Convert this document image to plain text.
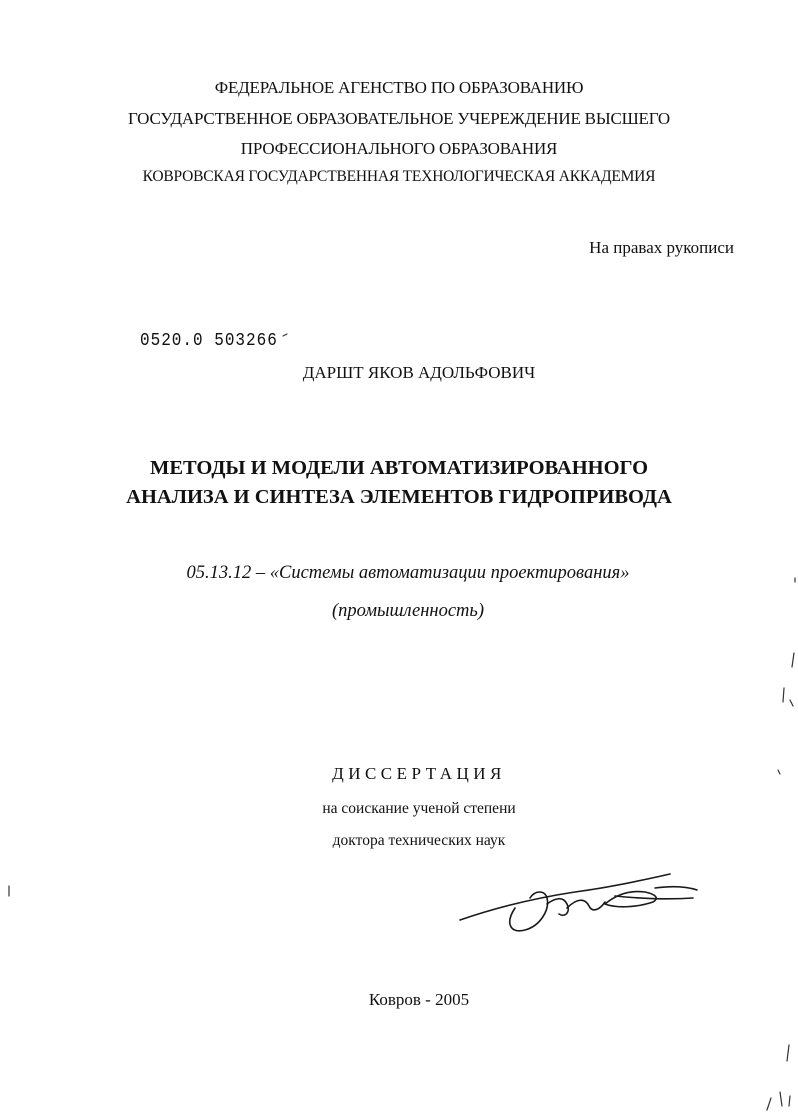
ФЕДЕРАЛЬНОЕ АГЕНСТВО ПО ОБРАЗОВАНИЮ
ГОСУДАРСТВЕННОЕ ОБРАЗОВАТЕЛЬНОЕ УЧЕРЕЖДЕНИЕ ВЫСШЕГО
ПРОФЕССИОНАЛЬНОГО ОБРАЗОВАНИЯ
КОВРОВСКАЯ ГОСУДАРСТВЕННАЯ ТЕХНОЛОГИЧЕСКАЯ АККАДЕМИЯ
На правах рукописи
0520.0 503266
ДАРШТ ЯКОВ АДОЛЬФОВИЧ
МЕТОДЫ И МОДЕЛИ АВТОМАТИЗИРОВАННОГО
АНАЛИЗА И СИНТЕЗА ЭЛЕМЕНТОВ ГИДРОПРИВОДА
05.13.12 – «Системы автоматизации проектирования»
(промышленность)
ДИССЕРТАЦИЯ
на соискание ученой степени
доктора технических наук
Ковров - 2005
